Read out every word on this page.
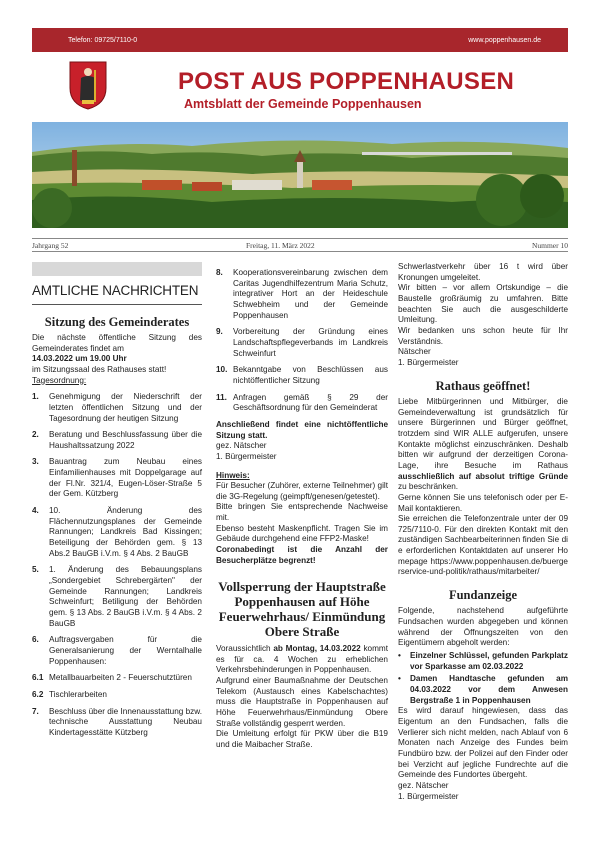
Telefon: 09725/7110-0	www.poppenhausen.de
POST AUS POPPENHAUSEN
Amtsblatt der Gemeinde Poppenhausen
Jahrgang 52	Freitag, 11. März 2022	Nummer 10
AMTLICHE NACHRICHTEN
Sitzung des Gemeinderates

Die nächste öffentliche Sitzung des Gemeinderates findet am

14.03.2022 um 19.00 Uhr

im Sitzungssaal des Rathauses statt!

Tagesordnung:

1.	Genehmigung der Niederschrift der letzten öffentlichen Sitzung und der Tagesordnung der heutigen Sitzung
2.	Beratung und Beschlussfassung über die Haushaltssatzung 2022
3.	Bauantrag zum Neubau eines Einfamilienhauses mit Doppelgarage auf der Fl.Nr. 321/4, Eugen-Löser-Straße 5 der Gem. Kützberg
4.	10. Änderung des Flächennutzungsplanes der Gemeinde Rannungen; Landkreis Bad Kissingen; Beteiligung der Behörden gem. § 13 Abs.2 BauGB i.V.m. § 4 Abs. 2 BauGB
5.	1. Änderung des Bebauungsplans „Sondergebiet Schrebergärten" der Gemeinde Rannungen; Landkreis Schweinfurt; Betiligung der Behörden gem. § 13 Abs. 2 BauGB i.V.m. § 4 Abs. 2 BauGB
6.	Auftragsvergaben für die Generalsanierung der Werntalhalle Poppenhausen:
6.1 Metallbauarbeiten 2 - Feuerschutztüren
6.2 Tischlerarbeiten
7.	Beschluss über die Innenausstattung bzw. technische Ausstattung Neubau Kindertagesstätte Kützberg
8.	Kooperationsvereinbarung zwischen dem Caritas Jugendhilfezentrum Maria Schutz, integrativer Hort an der Heideschule Schwebheim und der Gemeinde Poppenhausen
9.	Vorbereitung der Gründung eines Landschaftspflegeverbands im Landkreis Schweinfurt
10. Bekanntgabe von Beschlüssen aus nichtöffentlicher Sitzung
11. Anfragen gemäß § 29 der Geschäftsordnung für den Gemeinderat

Anschließend findet eine nichtöffentliche Sitzung statt.

gez. Nätscher

1. Bürgermeister

Hinweis:

Für Besucher (Zuhörer, externe Teilnehmer) gilt die 3G-Regelung (geimpft/genesen/getestet).

Bitte bringen Sie entsprechende Nachweise mit.

Ebenso besteht Maskenpflicht. Tragen Sie im Gebäude durchgehend eine FFP2-Maske!

Coronabedingt ist die Anzahl der Besucherplätze begrenzt!

Vollsperrung der Hauptstraße Poppenhausen auf Höhe Feuerwehrhaus/ Einmündung Obere Straße

Voraussichtlich ab Montag, 14.03.2022 kommt es für ca. 4 Wochen zu erheblichen Verkehrsbehinderungen in Poppenhausen.

Aufgrund einer Baumaßnahme der Deutschen Telekom (Austausch eines Kabelschachtes) muss die Hauptstraße in Poppenhausen auf Höhe Feuerwehrhaus/Einmündung Obere Straße vollständig gesperrt werden.

Die Umleitung erfolgt für PKW über die B19 und die Maibacher Straße.

Schwerlastverkehr über 16 t wird über Kronungen umgeleitet.

Wir bitten – vor allem Ortskundige – die Baustelle großräumig zu umfahren. Bitte beachten Sie auch die ausgeschilderte Umleitung.

Wir bedanken uns schon heute für Ihr Verständnis.

Nätscher

1. Bürgermeister

Rathaus geöffnet!

Liebe Mitbürgerinnen und Mitbürger, die Gemeindeverwaltung ist grundsätzlich für unsere Bürgerinnen und Bürger geöffnet, trotzdem sind WIR ALLE aufgerufen, unsere Kontakte möglichst einzuschränken. Deshalb bitten wir aufgrund der derzeitigen Corona-Lage, ihre Besuche im Rathaus ausschließlich auf absolut triftige Gründe zu beschränken.

Gerne können Sie uns telefonisch oder per E-Mail kontaktieren.

Sie erreichen die Telefonzentrale unter der 09725/7110-0. Für den direkten Kontakt mit den zuständigen Sachbearbeiterinnen finden Sie die erforderlichen Kontaktdaten auf unserer Homepage https://www.poppenhausen.de/buergerservice-und-politik/rathaus/mitarbeiter/

Fundanzeige

Folgende, nachstehend aufgeführte Fundsachen wurden abgegeben und können während der Öffnungszeiten von den Eigentümern abgeholt werden:

•	Einzelner Schlüssel, gefunden Parkplatz vor Sparkasse am 02.03.2022
•	Damen Handtasche gefunden am 04.03.2022 vor dem Anwesen Bergstraße 1 in Poppenhausen

Es wird darauf hingewiesen, dass das Eigentum an den Fundsachen, falls die Verlierer sich nicht melden, nach Ablauf von 6 Monaten nach Anzeige des Fundes beim Fundbüro bzw. der Polizei auf den Finder oder bei Verzicht auf jegliche Fundrechte auf die Gemeinde des Fundortes übergeht.

gez. Nätscher

1. Bürgermeister
